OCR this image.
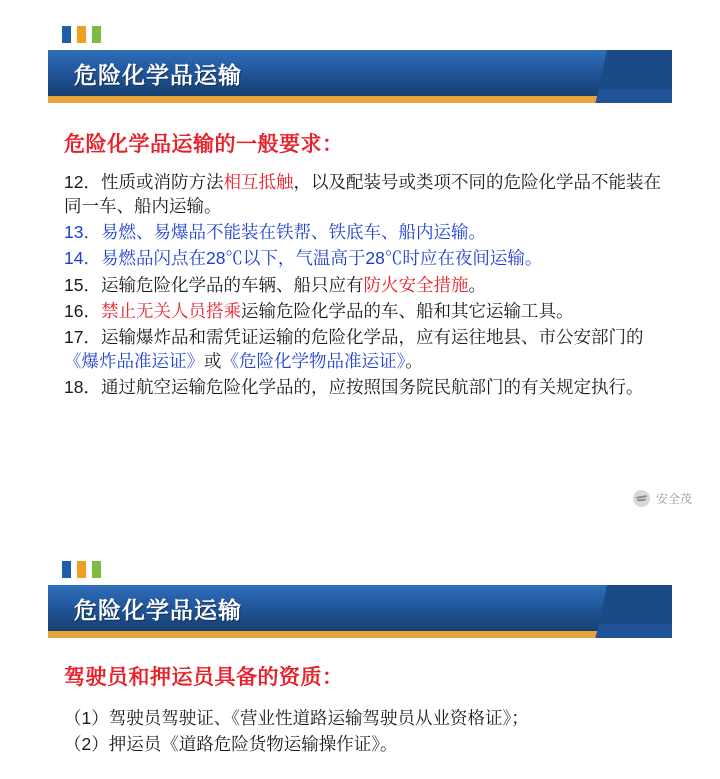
危险化学品运输
危险化学品运输的一般要求：

12．性质或消防方法相互抵触，以及配装号或类项不同的危险化学品不能装在同一车、船内运输。

13．易燃、易爆品不能装在铁帮、铁底车、船内运输。

14．易燃品闪点在28℃以下，气温高于28℃时应在夜间运输。

15．运输危险化学品的车辆、船只应有防火安全措施。

16．禁止无关人员搭乘运输危险化学品的车、船和其它运输工具。

17．运输爆炸品和需凭证运输的危险化学品，应有运往地县、市公安部门的《爆炸品准运证》或《危险化学物品准运证》。

18．通过航空运输危险化学品的，应按照国务院民航部门的有关规定执行。

安全茂
危险化学品运输
驾驶员和押运员具备的资质：

（1）驾驶员驾驶证、《营业性道路运输驾驶员从业资格证》；

（2）押运员《道路危险货物运输操作证》。
